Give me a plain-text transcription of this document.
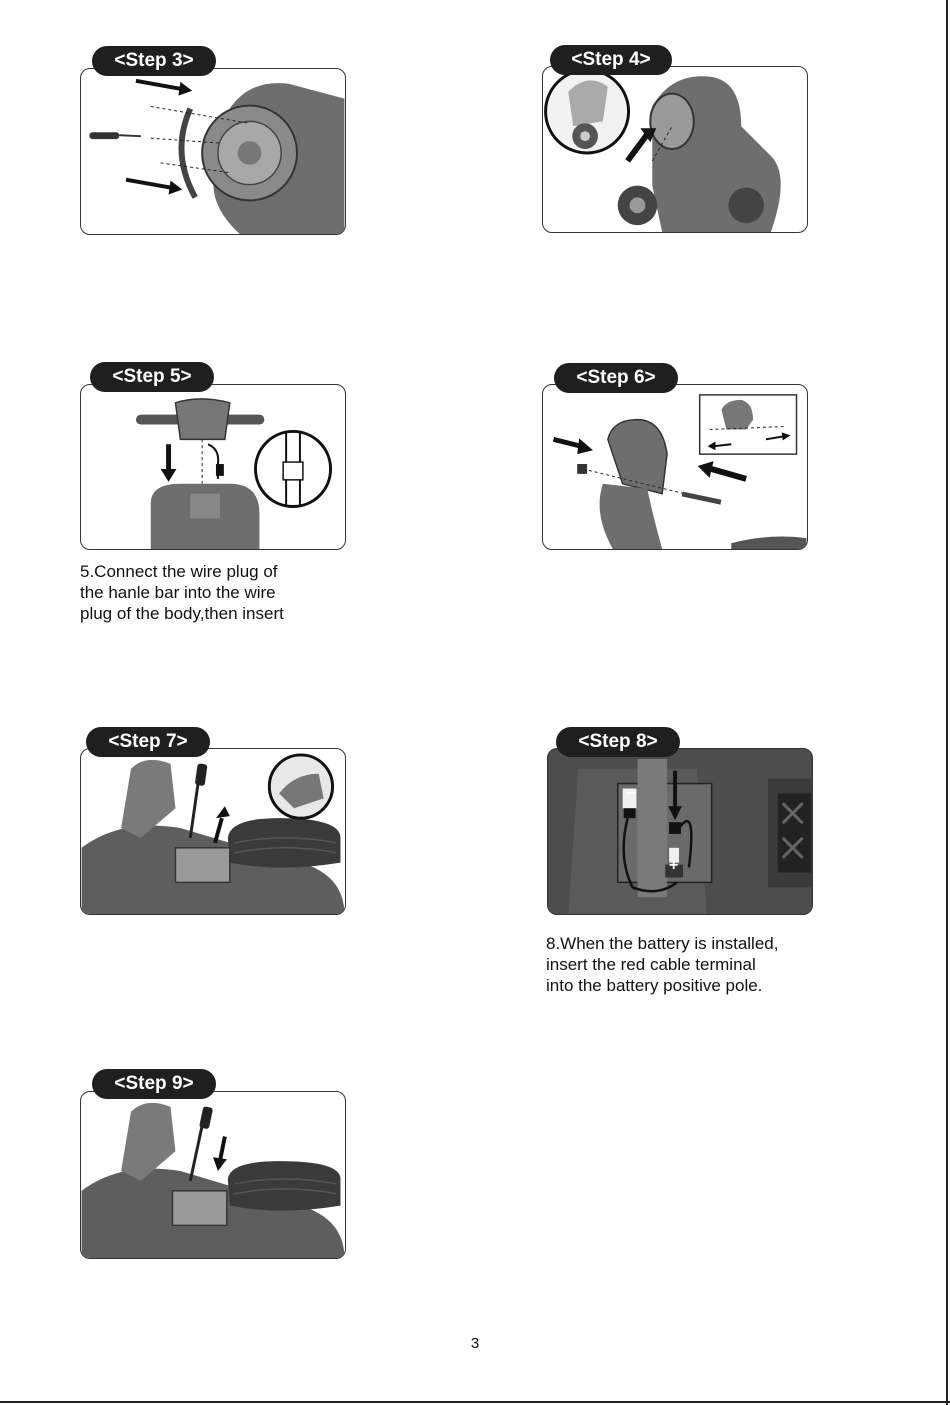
<Step 3>	<Step 4>
<Step 5>
5.Connect the wire plug of
the hanle bar into the wire
plug of the body,then insert
<Step 6>
<Step 7>
−
+
<Step 8>
8.When the battery is installed,
insert the red cable terminal
into the battery positive pole.
<Step 9>
3
